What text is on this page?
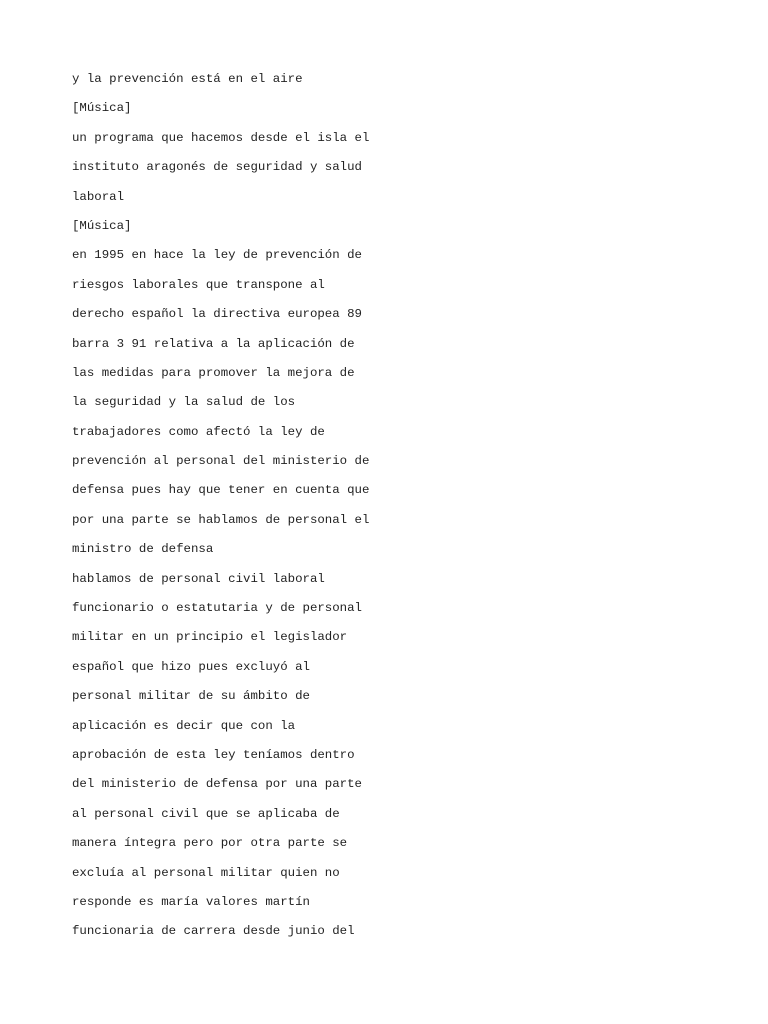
y la prevención está en el aire
[Música]
un programa que hacemos desde el isla el
instituto aragonés de seguridad y salud
laboral
[Música]
en 1995 en hace la ley de prevención de
riesgos laborales que transpone al
derecho español la directiva europea 89
barra 3 91 relativa a la aplicación de
las medidas para promover la mejora de
la seguridad y la salud de los
trabajadores como afectó la ley de
prevención al personal del ministerio de
defensa pues hay que tener en cuenta que
por una parte se hablamos de personal el
ministro de defensa
hablamos de personal civil laboral
funcionario o estatutaria y de personal
militar en un principio el legislador
español que hizo pues excluyó al
personal militar de su ámbito de
aplicación es decir que con la
aprobación de esta ley teníamos dentro
del ministerio de defensa por una parte
al personal civil que se aplicaba de
manera íntegra pero por otra parte se
excluía al personal militar quien no
responde es maría valores martín
funcionaria de carrera desde junio del
